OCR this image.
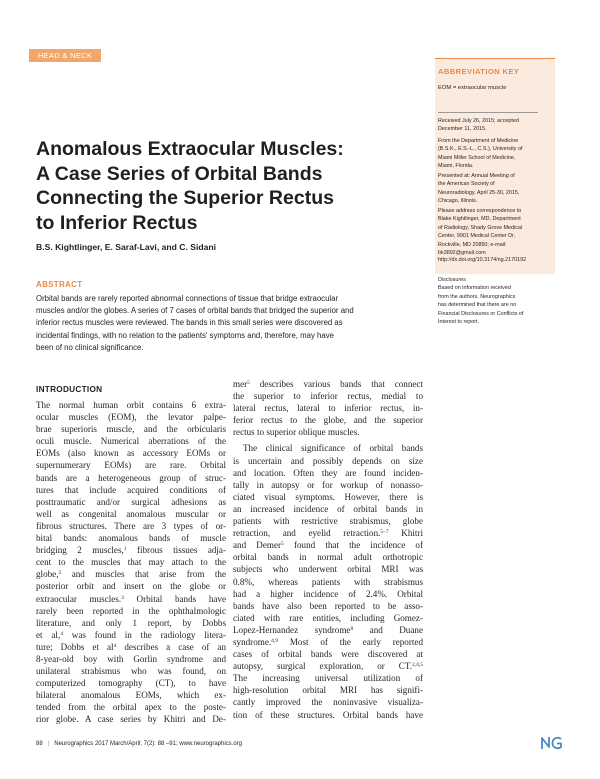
HEAD & NECK
Anomalous Extraocular Muscles:
A Case Series of Orbital Bands
Connecting the Superior Rectus
to Inferior Rectus
B.S. Kightlinger, E. Saraf-Lavi, and C. Sidani
ABSTRACT
Orbital bands are rarely reported abnormal connections of tissue that bridge extraocular
muscles and/or the globes. A series of 7 cases of orbital bands that bridged the superior and
inferior rectus muscles were reviewed. The bands in this small series were discovered as
incidental findings, with no relation to the patients' symptoms and, therefore, may have
been of no clinical significance.
ABBREVIATION KEY
EOM = extraocular muscle
Received July 26, 2015; accepted
December 11, 2015.
From the Department of Medicine
(B.S.K., E.S.-L., C.S.), University of
Miami Miller School of Medicine,
Miami, Florida.
Presented at: Annual Meeting of
the American Society of
Neuroradiology, April 25-30, 2015,
Chicago, Illinois.
Please address correspondence to
Blake Kightlinger, MD, Department
of Radiology, Shady Grove Medical
Center, 9901 Medical Center Dr,
Rockville, MD 20850; e-mail:
bk3892@gmail.com
http://dx.doi.org/10.3174/ng.2170192
Disclosures
Based on information received
from the authors, Neurographics
has determined that there are no
Financial Disclosures or Conflicts of
Interest to report.
INTRODUCTION
The normal human orbit contains 6 extra-
ocular muscles (EOM), the levator palpe-
brae superioris muscle, and the orbicularis
oculi muscle. Numerical aberrations of the
EOMs (also known as accessory EOMs or
supernumerary EOMs) are rare. Orbital
bands are a heterogeneous group of struc-
tures that include acquired conditions of
posttraumatic and/or surgical adhesions as
well as congenital anomalous muscular or
fibrous structures. There are 3 types of or-
bital bands: anomalous bands of muscle
bridging 2 muscles,$^1$ fibrous tissues adja-
cent to the muscles that may attach to the
globe,$^2$ and muscles that arise from the
posterior orbit and insert on the globe or
extraocular muscles.$^3$ Orbital bands have
rarely been reported in the ophthalmologic
literature, and only 1 report, by Dobbs
et al,$^4$ was found in the radiology litera-
ture; Dobbs et $al^4$ describes a case of an
8-year-old boy with Gorlin syndrome and
unilateral strabismus who was found, on
computerized tomography (CT), to have
bilateral anomalous EOMs, which ex-
tended from the orbital apex to the poste-
rior globe. A case series by Khitri and De-
mer$^5$ describes various bands that connect
the superior to inferior rectus, medial to
lateral rectus, lateral to inferior rectus, in-
ferior rectus to the globe, and the superior
rectus to superior oblique muscles.
The clinical significance of orbital bands
is uncertain and possibly depends on size
and location. Often they are found inciden-
tally in autopsy or for workup of nonasso-
ciated visual symptoms. However, there is
an increased incidence of orbital bands in
patients with restrictive strabismus, globe
retraction, and eyelid retraction.$^{5-7}$ Khitri
and Demer$^5$ found that the incidence of
orbital bands in normal adult orthotropic
subjects who underwent orbital MRI was
0.8%, whereas patients with strabismus
had a higher incidence of 2.4%. Orbital
bands have also been reported to be asso-
ciated with rare entities, including Gomez-
Lopez-Hernandez syndrome$^8$ and Duane
syndrome.$^{4,9}$ Most of the early reported
cases of orbital bands were discovered at
autopsy, surgical exploration, or CT.$^{2,4,5}$
The increasing universal utilization of
high-resolution orbital MRI has signifi-
cantly improved the noninvasive visualiza-
tion of these structures. Orbital bands have
88 | Neurographics 2017 March/April; 7(2): 88 –91; www.neurographics.org
